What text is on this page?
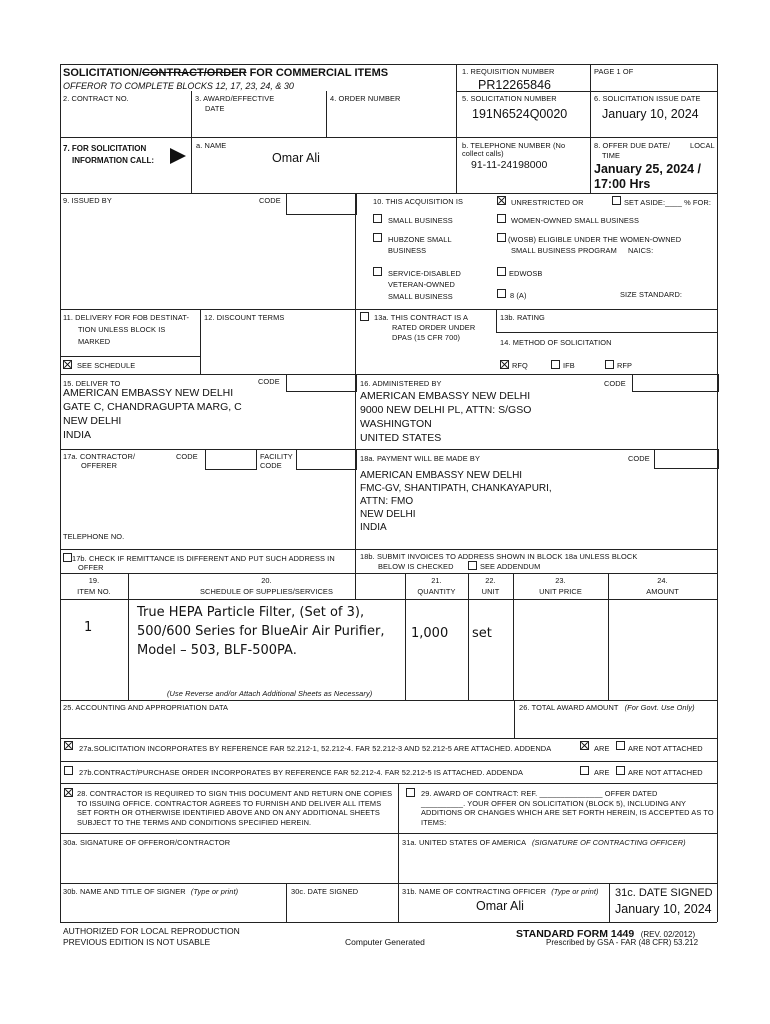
SOLICITATION/CONTRACT/ORDER FOR COMMERCIAL ITEMS
OFFEROR TO COMPLETE BLOCKS 12, 17, 23, 24, & 30
1. REQUISITION NUMBER
PR12265846
PAGE 1 OF
2. CONTRACT NO.	3. AWARD/EFFECTIVE
DATE
4. ORDER NUMBER	5. SOLICITATION NUMBER
191N6524Q0020
6. SOLICITATION ISSUE DATE
January 10, 2024
7. FOR SOLICITATION
INFORMATION CALL:
a. NAME
Omar Ali
b. TELEPHONE NUMBER (No
collect calls)
91-11-24198000
8. OFFER DUE DATE/	LOCAL
TIME
January 25, 2024 /
17:00 Hrs
9. ISSUED BY	CODE	10. THIS ACQUISITION IS	UNRESTRICTED OR	SET ASIDE:____ % FOR:
SMALL BUSINESS	WOMEN-OWNED SMALL BUSINESS
HUBZONE SMALL
BUSINESS
(WOSB) ELIGIBLE UNDER THE WOMEN-OWNED
SMALL BUSINESS PROGRAM NAICS:
SERVICE-DISABLED
VETERAN-OWNED
SMALL BUSINESS
EDWOSB
8 (A)	SIZE STANDARD:
11. DELIVERY FOR FOB DESTINAT-
TION UNLESS BLOCK IS
MARKED
SEE SCHEDULE
12. DISCOUNT TERMS	13a. THIS CONTRACT IS A
RATED ORDER UNDER
DPAS (15 CFR 700)
13b. RATING
14. METHOD OF SOLICITATION
RFQ	IFB	RFP
15. DELIVER TO	CODE
AMERICAN EMBASSY NEW DELHI
GATE C, CHANDRAGUPTA MARG, C
NEW DELHI
INDIA
16. ADMINISTERED BY	CODE
AMERICAN EMBASSY NEW DELHI
9000 NEW DELHI PL, ATTN: S/GSO
WASHINGTON
UNITED STATES
17a. CONTRACTOR/
OFFERER
CODE	FACILITY
CODE
TELEPHONE NO.
18a. PAYMENT WILL BE MADE BY	CODE
AMERICAN EMBASSY NEW DELHI
FMC-GV, SHANTIPATH, CHANKAYAPURI,
ATTN: FMO
NEW DELHI
INDIA
17b. CHECK IF REMITTANCE IS DIFFERENT AND PUT SUCH ADDRESS IN
OFFER
18b. SUBMIT INVOICES TO ADDRESS SHOWN IN BLOCK 18a UNLESS BLOCK
BELOW IS CHECKED	SEE ADDENDUM
19.
ITEM NO.
20.
SCHEDULE OF SUPPLIES/SERVICES
21.
QUANTITY
22.
UNIT
23.
UNIT PRICE
24.
AMOUNT
1
True HEPA Particle Filter, (Set of 3),
500/600 Series for BlueAir Air Purifier,
Model – 503, BLF-500PA.
1,000 set
(Use Reverse and/or Attach Additional Sheets as Necessary)
25. ACCOUNTING AND APPROPRIATION DATA	26. TOTAL AWARD AMOUNT (For Govt. Use Only)
27a.SOLICITATION INCORPORATES BY REFERENCE FAR 52.212-1, 52.212-4. FAR 52.212-3 AND 52.212-5 ARE ATTACHED. ADDENDA	ARE	ARE NOT ATTACHED
27b.CONTRACT/PURCHASE ORDER INCORPORATES BY REFERENCE FAR 52.212-4. FAR 52.212-5 IS ATTACHED. ADDENDA	ARE	ARE NOT ATTACHED
28. CONTRACTOR IS REQUIRED TO SIGN THIS DOCUMENT AND RETURN ONE COPIES
TO ISSUING OFFICE. CONTRACTOR AGREES TO FURNISH AND DELIVER ALL ITEMS
SET FORTH OR OTHERWISE IDENTIFIED ABOVE AND ON ANY ADDITIONAL SHEETS
SUBJECT TO THE TERMS AND CONDITIONS SPECIFIED HEREIN.
29. AWARD OF CONTRACT: REF. _______________ OFFER DATED
__________. YOUR OFFER ON SOLICITATION (BLOCK 5), INCLUDING ANY
ADDITIONS OR CHANGES WHICH ARE SET FORTH HEREIN, IS ACCEPTED AS TO
ITEMS:
30a. SIGNATURE OF OFFEROR/CONTRACTOR	31a. UNITED STATES OF AMERICA (SIGNATURE OF CONTRACTING OFFICER)
30b. NAME AND TITLE OF SIGNER (Type or print)	30c. DATE SIGNED	31b. NAME OF CONTRACTING OFFICER (Type or print)
Omar Ali
31c. DATE SIGNED
January 10, 2024
AUTHORIZED FOR LOCAL REPRODUCTION
PREVIOUS EDITION IS NOT USABLE	Computer Generated
STANDARD FORM 1449 (REV. 02/2012)
Prescribed by GSA - FAR (48 CFR) 53.212
